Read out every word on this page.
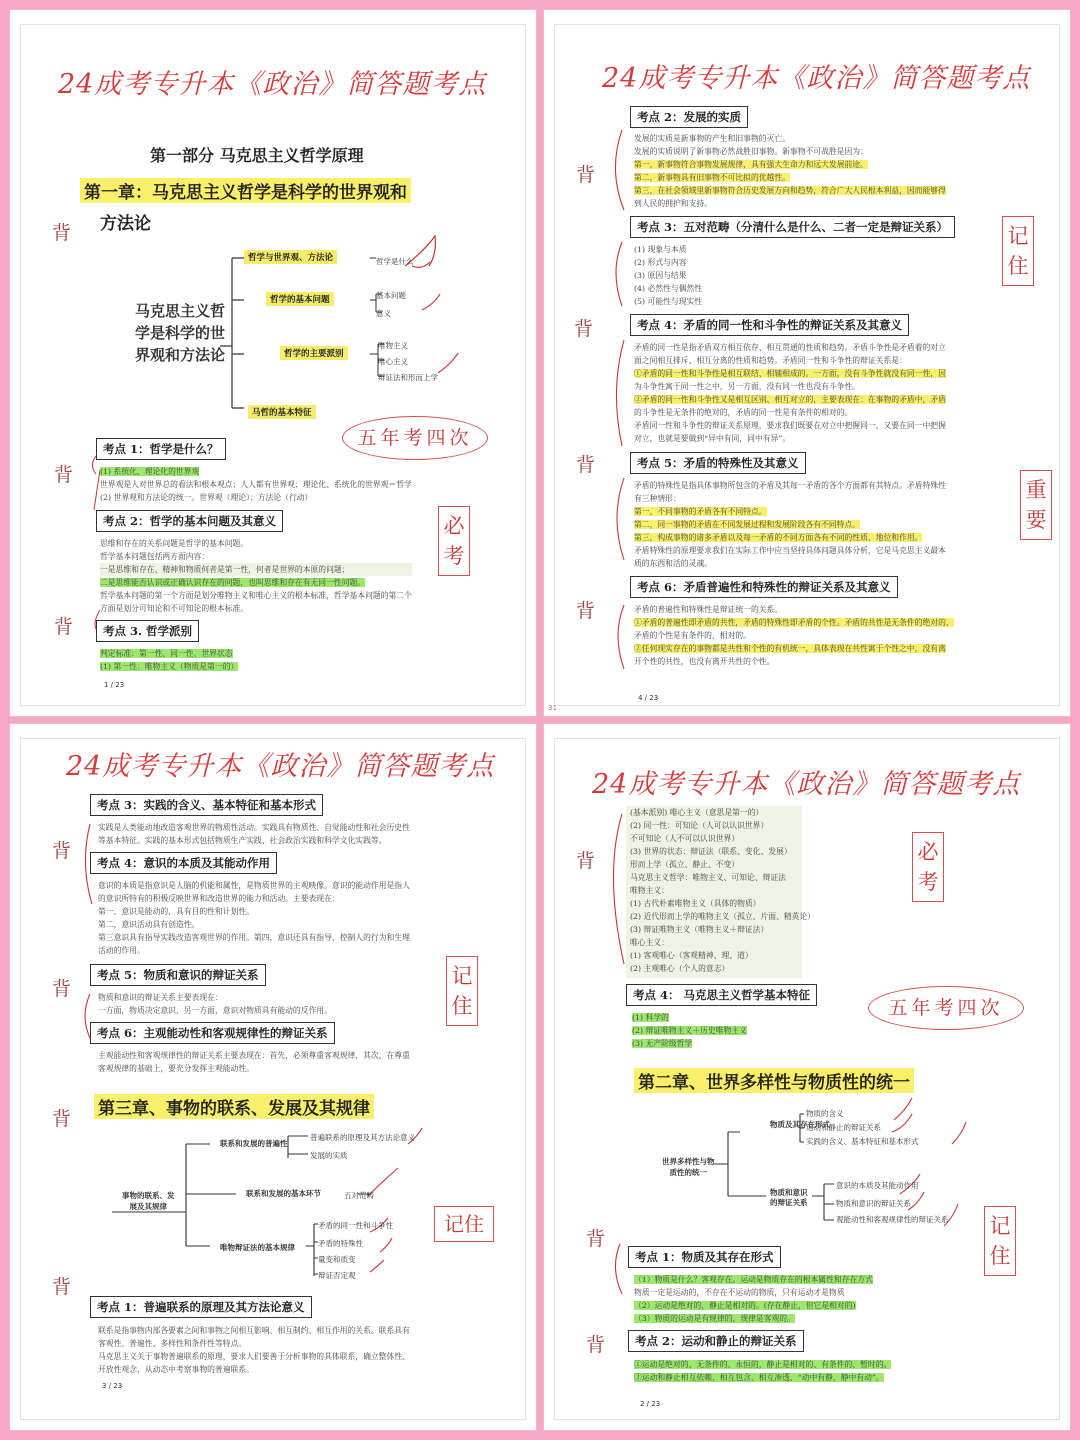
24成考专升本《政治》简答题考点
第一部分 马克思主义哲学原理
第一章：马克思主义哲学是科学的世界观和
方法论
背
马克思主义哲
学是科学的世
界观和方法论
哲学与世界观、方法论	哲学是什么
哲学的基本问题	基本问题
意义
哲学的主要派别
唯物主义
唯心主义
辩证法和形而上学
马哲的基本特征
五年考四次
背
考点 1：哲学是什么？
(1) 系统化、理论化的世界观
世界观是人对世界总的看法和根本观点；人人都有世界观；理论化、系统化的世界观＝哲学
(2) 世界观和方法论的统一。世界观（理论）；方法论（行动）
必考
考点 2：哲学的基本问题及其意义
思维和存在的关系问题是哲学的基本问题。
哲学基本问题包括两方面内容：
一是思维和存在、精神和物质何者是第一性，何者是世界的本原的问题；
二是思维能否认识或正确认识存在的问题，也叫思维和存在有无同一性问题。
哲学基本问题的第一个方面是划分唯物主义和唯心主义的根本标准，哲学基本问题的第二个
方面是划分可知论和不可知论的根本标准。
背	考点 3. 哲学派别
判定标准：第一性、同一性、世界状态
(1) 第一性：唯物主义（物质是第一的）
1 / 23
24成考专升本《政治》简答题考点
背
考点 2：发展的实质
发展的实质是新事物的产生和旧事物的灭亡。
发展的实质说明了新事物必然战胜旧事物。新事物不可战胜是因为：
第一，新事物符合事物发展规律，具有强大生命力和远大发展前途。
第二，新事物具有旧事物不可比拟的优越性。
第三，在社会领域里新事物符合历史发展方向和趋势，符合广大人民根本利益，因而能够得
到人民的拥护和支持。
记住
考点 3：五对范畴（分清什么是什么、二者一定是辩证关系）
(1) 现象与本质
(2) 形式与内容
(3) 原因与结果
(4) 必然性与偶然性
(5) 可能性与现实性
背	考点 4：矛盾的同一性和斗争性的辩证关系及其意义
矛盾的同一性是指矛盾双方相互依存、相互贯通的性质和趋势。矛盾斗争性是矛盾着的对立
面之间相互排斥、相互分离的性质和趋势。矛盾同一性和斗争性的辩证关系是：
①矛盾的同一性和斗争性是相互联结、相辅相成的。一方面，没有斗争性就没有同一性，因
为斗争性寓于同一性之中，另一方面，没有同一性也没有斗争性。
②矛盾的同一性和斗争性又是相互区别、相互对立的，主要表现在：在事物的矛盾中，矛盾
的斗争性是无条件的绝对的，矛盾的同一性是有条件的相对的。
矛盾同一性和斗争性的辩证关系原理，要求我们既要在对立中把握同一，又要在同一中把握
对立，也就是要做到“异中有同，同中有异”。
背	考点 5：矛盾的特殊性及其意义
矛盾的特殊性是指具体事物所包含的矛盾及其每一矛盾的各个方面都有其特点。矛盾特殊性
有三种情形：
第一，不同事物的矛盾各有不同特点。
第二，同一事物的矛盾在不同发展过程和发展阶段各有不同特点。
第三，构成事物的诸多矛盾以及每一矛盾的不同方面各有不同的性质、地位和作用。
矛盾特殊性的原理要求我们在实际工作中应当坚持具体问题具体分析，它是马克思主义最本
质的东西和活的灵魂。
重要
背
考点 6：矛盾普遍性和特殊性的辩证关系及其意义
矛盾的普遍性和特殊性是辩证统一的关系。
①矛盾的普遍性即矛盾的共性，矛盾的特殊性即矛盾的个性。矛盾的共性是无条件的绝对的，
矛盾的个性是有条件的、相对的。
②任何现实存在的事物都是共性和个性的有机统一，具体表现在共性寓于个性之中，没有离
开个性的共性，也没有离开共性的个性。
4 / 23
31
24成考专升本《政治》简答题考点
背
考点 3：实践的含义、基本特征和基本形式
实践是人类能动地改造客观世界的物质性活动。实践具有物质性、自觉能动性和社会历史性
等基本特征。实践的基本形式包括物质生产实践、社会政治实践和科学文化实践等。
考点 4：意识的本质及其能动作用
意识的本质是指意识是人脑的机能和属性，是物质世界的主观映像。意识的能动作用是指人
的意识所特有的积极反映世界和改造世界的能力和活动。主要表现在：
第一，意识是能动的，具有目的性和计划性。
第二，意识活动具有创造性。
第三意识具有指导实践改造客观世界的作用。第四，意识还具有指导、控制人的行为和生理
活动的作用。
背
记住
考点 5：物质和意识的辩证关系
物质和意识的辩证关系主要表现在：
一方面，物质决定意识，另一方面，意识对物质具有能动的反作用。
考点 6：主观能动性和客观规律性的辩证关系
主观能动性和客观规律性的辩证关系主要表现在：首先，必须尊重客观规律，其次，在尊重
客观规律的基础上，要充分发挥主观能动性。
背 第三章、事物的联系、发展及其规律
事物的联系、发
展及其规律
联系和发展的普遍性
普遍联系的原理及其方法论意义
发展的实质
联系和发展的基本环节	五对范畴
唯物辩证法的基本规律
矛盾的同一性和斗争性
矛盾的特殊性
量变和质变
辩证否定观
记住
背
考点 1：普遍联系的原理及其方法论意义
联系是指事物内部各要素之间和事物之间相互影响、相互制约、相互作用的关系。联系具有
客观性、普遍性、多样性和条件性等特点。
马克思主义关于事物普遍联系的原理，要求人们要善于分析事物的具体联系，确立整体性、
开放性观念，从动态中考察事物的普遍联系。
3 / 23
24成考专升本《政治》简答题考点
(基本派别) 唯心主义（意思是第一的）
(2) 同一性：可知论（人可以认识世界）
不可知论（人不可以认识世界）
(3) 世界的状态：辩证法（联系、变化、发展）
形而上学（孤立、静止、不变）
马克思主义哲学：唯物主义、可知论、辩证法
唯物主义：
(1) 古代朴素唯物主义（具体的物质）
(2) 近代形而上学的唯物主义（孤立、片面、精英论）
(3) 辩证唯物主义（唯物主义＋辩证法）
唯心主义：
(1) 客观唯心（客观精神、理、道）
(2) 主观唯心（个人的意志）
背	必考
考点 4： 马克思主义哲学基本特征
(1) 科学的
(2) 辩证唯物主义＋历史唯物主义
(3) 无产阶级哲学
五年考四次
第二章、世界多样性与物质性的统一
世界多样性与物
质性的统一
物质及其存在形式
物质的含义
运动和静止的辩证关系
实践的含义、基本特征和基本形式
物质和意识
的辩证关系
意识的本质及其能动作用
物质和意识的辩证关系
观能动性和客观规律性的辩证关系 记住
背
考点 1：物质及其存在形式
（1）物质是什么？客观存在。运动是物质存在的根本属性和存在方式
物质一定是运动的，不存在不运动的物质，只有运动才是物质
（2）运动是绝对的，静止是相对的。(存在静止，但它是相对的)
（3）物质的运动是有规律的，规律是客观的。
背	考点 2：运动和静止的辩证关系
①运动是绝对的、无条件的、永恒的，静止是相对的、有条件的、暂时的。
②运动和静止相互依赖、相互包含、相互渗透，“动中有静，静中有动”。
2 / 23
